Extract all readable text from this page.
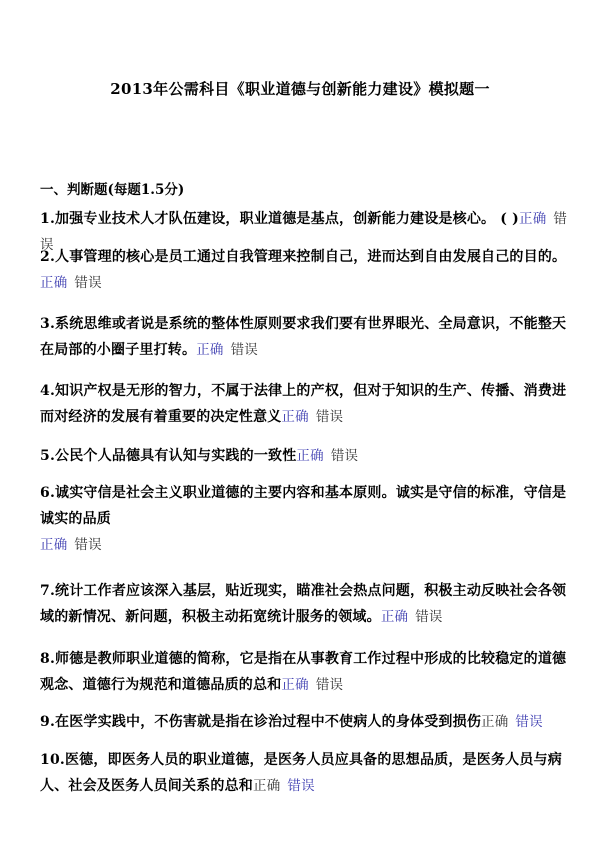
2013年公需科目《职业道德与创新能力建设》模拟题一
一、判断题(每题1.5分)
1.加强专业技术人才队伍建设，职业道德是基点，创新能力建设是核心。 ( )正确 错误
2.人事管理的核心是员工通过自我管理来控制自己，进而达到自由发展自己的目的。
正确 错误
3.系统思维或者说是系统的整体性原则要求我们要有世界眼光、全局意识，不能整天在局部的小圈子里打转。正确 错误
4.知识产权是无形的智力，不属于法律上的产权，但对于知识的生产、传播、消费进而对经济的发展有着重要的决定性意义正确 错误
5.公民个人品德具有认知与实践的一致性正确 错误
6.诚实守信是社会主义职业道德的主要内容和基本原则。诚实是守信的标准，守信是诚实的品质
正确 错误
7.统计工作者应该深入基层，贴近现实，瞄准社会热点问题，积极主动反映社会各领域的新情况、新问题，积极主动拓宽统计服务的领域。正确 错误
8.师德是教师职业道德的简称，它是指在从事教育工作过程中形成的比较稳定的道德观念、道德行为规范和道德品质的总和正确 错误
9.在医学实践中，不伤害就是指在诊治过程中不使病人的身体受到损伤正确 错误
10.医德，即医务人员的职业道德，是医务人员应具备的思想品质，是医务人员与病人、社会及医务人员间关系的总和正确 错误
